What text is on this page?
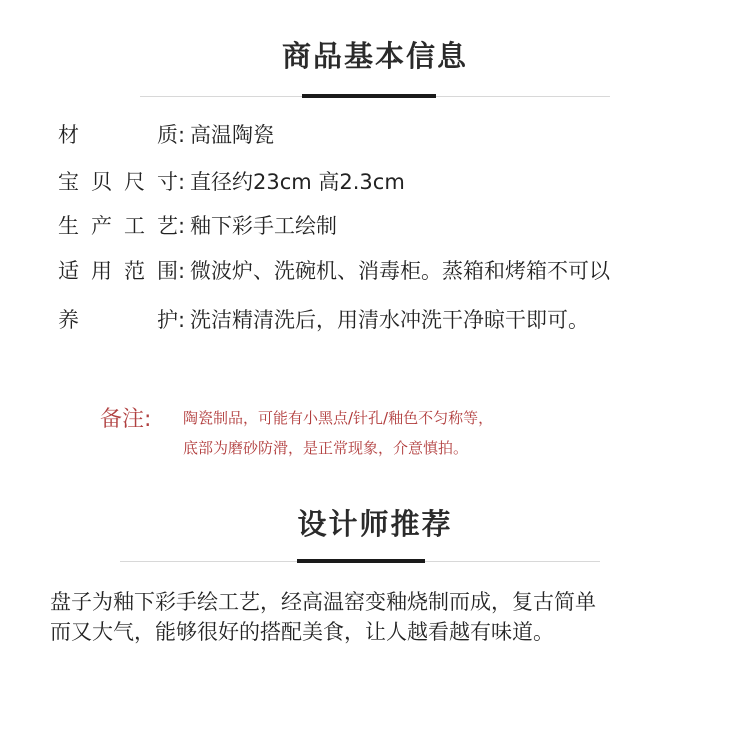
商品基本信息
材质: 高温陶瓷
宝贝尺寸: 直径约23cm 高2.3cm
生产工艺: 釉下彩手工绘制
适用范围: 微波炉、洗碗机、消毒柜。蒸箱和烤箱不可以
养护: 洗洁精清洗后，用清水冲洗干净晾干即可。
备注: 陶瓷制品，可能有小黑点/针孔/釉色不匀称等，
底部为磨砂防滑，是正常现象，介意慎拍。
设计师推荐
盘子为釉下彩手绘工艺，经高温窑变釉烧制而成，复古简单
而又大气，能够很好的搭配美食，让人越看越有味道。
